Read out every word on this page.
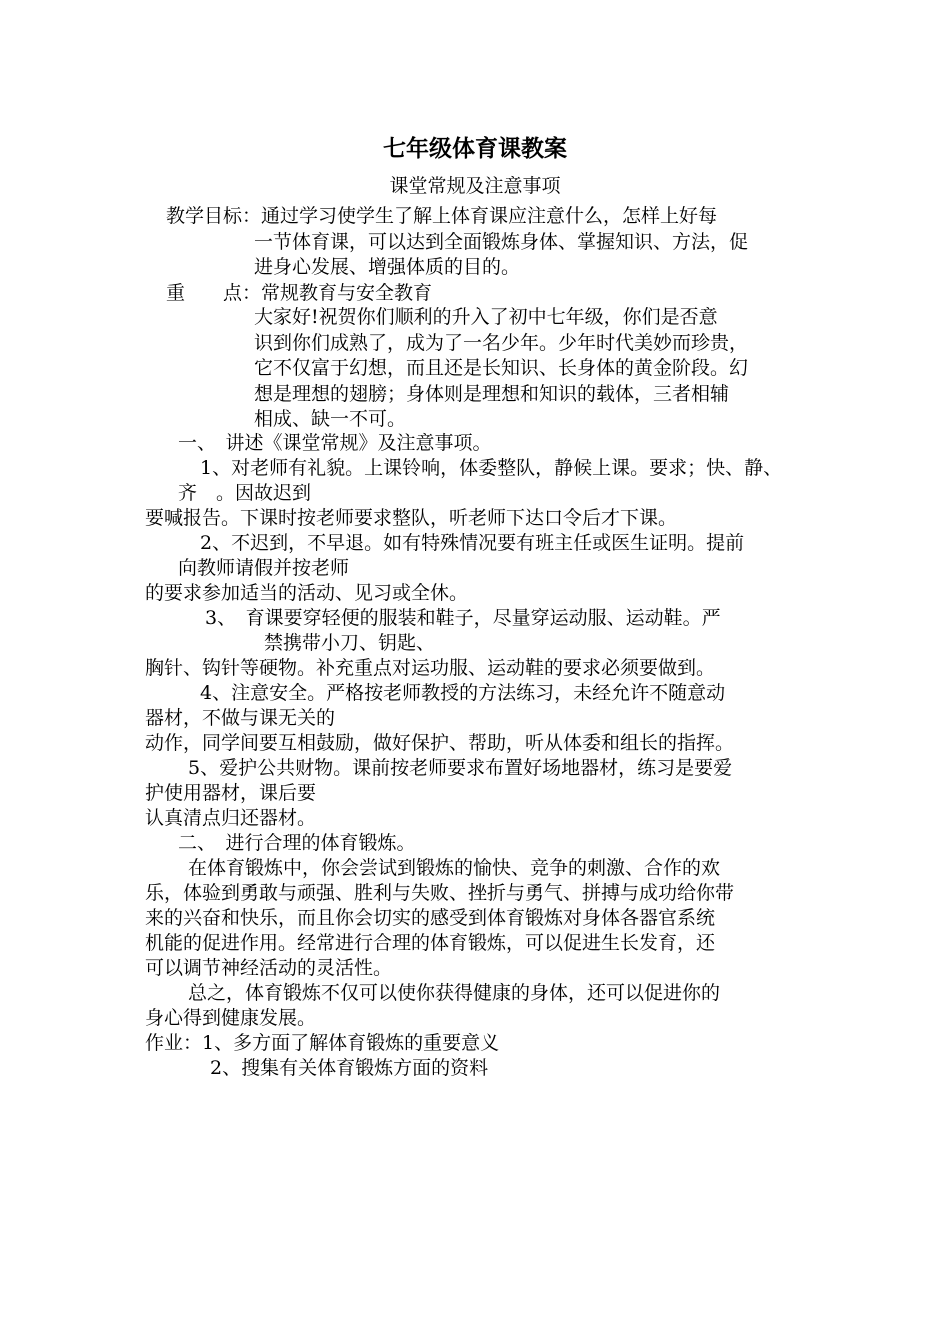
七年级体育课教案

课堂常规及注意事项

教学目标：通过学习使学生了解上体育课应注意什么，怎样上好每

一节体育课，可以达到全面锻炼身体、掌握知识、方法，促

进身心发展、增强体质的目的。

重　　点：常规教育与安全教育

大家好!祝贺你们顺利的升入了初中七年级，你们是否意

识到你们成熟了，成为了一名少年。少年时代美妙而珍贵，

它不仅富于幻想，而且还是长知识、长身体的黄金阶段。幻

想是理想的翅膀；身体则是理想和知识的载体，三者相辅

相成、缺一不可。

一、　讲述《课堂常规》及注意事项。

1、对老师有礼貌。上课铃响，体委整队，静候上课。要求；快、静、

齐　。因故迟到

要喊报告。下课时按老师要求整队，听老师下达口令后才下课。

2、不迟到，不早退。如有特殊情况要有班主任或医生证明。提前

向教师请假并按老师

的要求参加适当的活动、见习或全休。

3、　育课要穿轻便的服装和鞋子，尽量穿运动服、运动鞋。严

禁携带小刀、钥匙、

胸针、钩针等硬物。补充重点对运功服、运动鞋的要求必须要做到。

4、注意安全。严格按老师教授的方法练习，未经允许不随意动

器材，不做与课无关的

动作，同学间要互相鼓励，做好保护、帮助，听从体委和组长的指挥。

5、爱护公共财物。课前按老师要求布置好场地器材，练习是要爱

护使用器材，课后要

认真清点归还器材。

二、　进行合理的体育锻炼。

在体育锻炼中，你会尝试到锻炼的愉快、竞争的刺激、合作的欢

乐，体验到勇敢与顽强、胜利与失败、挫折与勇气、拼搏与成功给你带

来的兴奋和快乐，而且你会切实的感受到体育锻炼对身体各器官系统

机能的促进作用。经常进行合理的体育锻炼，可以促进生长发育，还

可以调节神经活动的灵活性。

总之，体育锻炼不仅可以使你获得健康的身体，还可以促进你的

身心得到健康发展。

作业：1、多方面了解体育锻炼的重要意义

2、搜集有关体育锻炼方面的资料
